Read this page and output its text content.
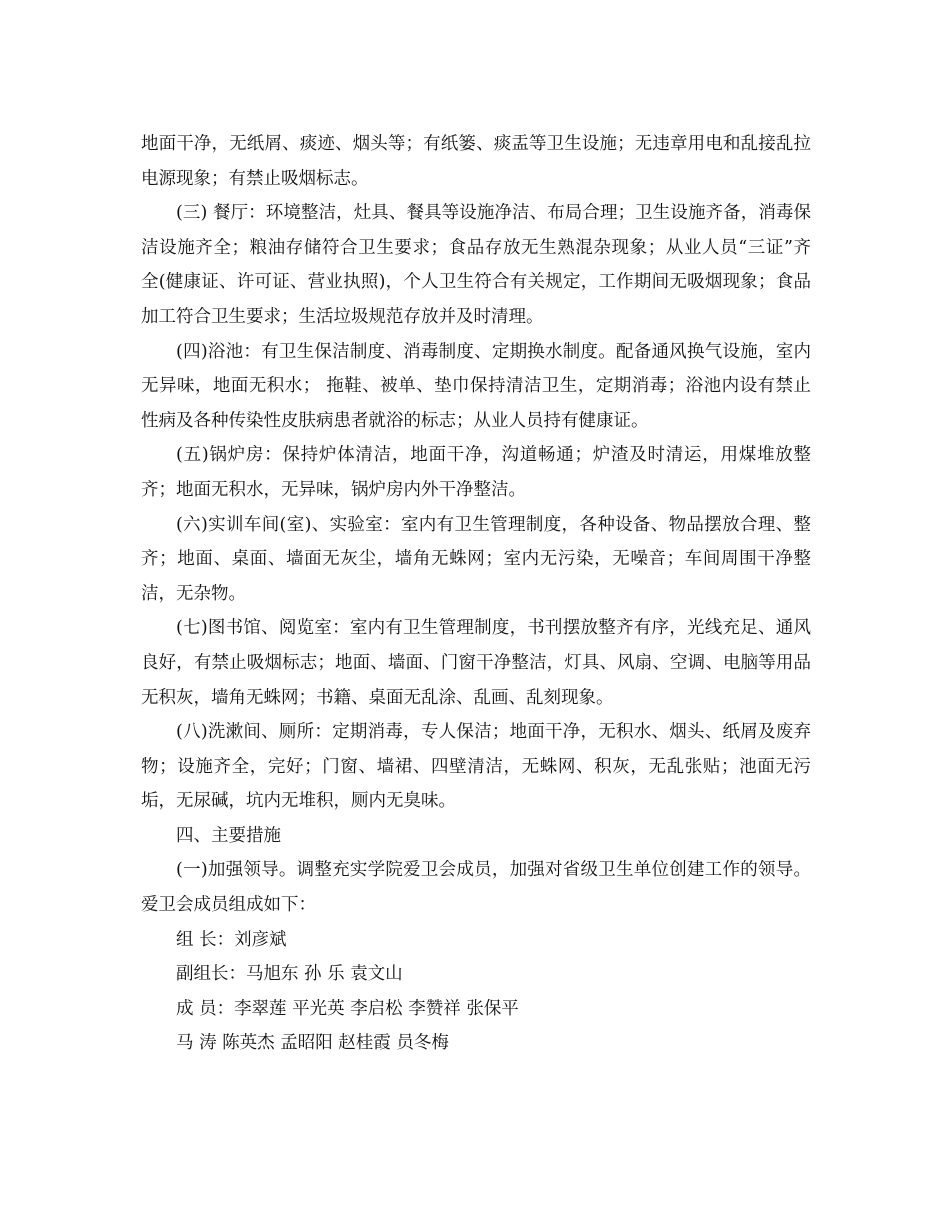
地面干净，无纸屑、痰迹、烟头等；有纸篓、痰盂等卫生设施；无违章用电和乱接乱拉电源现象；有禁止吸烟标志。

(三) 餐厅：环境整洁，灶具、餐具等设施净洁、布局合理；卫生设施齐备，消毒保洁设施齐全；粮油存储符合卫生要求；食品存放无生熟混杂现象；从业人员“三证”齐 全(健康证、许可证、营业执照)，个人卫生符合有关规定，工作期间无吸烟现象；食品加工符合卫生要求；生活垃圾规范存放并及时清理。

(四)浴池：有卫生保洁制度、消毒制度、定期换水制度。配备通风换气设施，室内无异味，地面无积水； 拖鞋、被单、垫巾保持清洁卫生，定期消毒；浴池内设有禁止性病及各种传染性皮肤病患者就浴的标志；从业人员持有健康证。

(五)锅炉房：保持炉体清洁，地面干净，沟道畅通；炉渣及时清运，用煤堆放整齐；地面无积水，无异味，锅炉房内外干净整洁。

(六)实训车间(室)、实验室：室内有卫生管理制度，各种设备、物品摆放合理、整齐；地面、桌面、墙面无灰尘，墙角无蛛网；室内无污染，无噪音；车间周围干净整洁，无杂物。

(七)图书馆、阅览室：室内有卫生管理制度，书刊摆放整齐有序，光线充足、通风良好，有禁止吸烟标志；地面、墙面、门窗干净整洁，灯具、风扇、空调、电脑等用品无积灰，墙角无蛛网；书籍、桌面无乱涂、乱画、乱刻现象。

(八)洗漱间、厕所：定期消毒，专人保洁；地面干净，无积水、烟头、纸屑及废弃物；设施齐全，完好；门窗、墙裙、四壁清洁，无蛛网、积灰，无乱张贴；池面无污垢，无尿碱，坑内无堆积，厕内无臭味。

四、主要措施

(一)加强领导。调整充实学院爱卫会成员，加强对省级卫生单位创建工作的领导。爱卫会成员组成如下：

组 长：刘彦斌

副组长：马旭东 孙 乐 袁文山

成 员：李翠莲 平光英 李启松 李赞祥 张保平

马 涛 陈英杰 孟昭阳 赵桂霞 员冬梅
